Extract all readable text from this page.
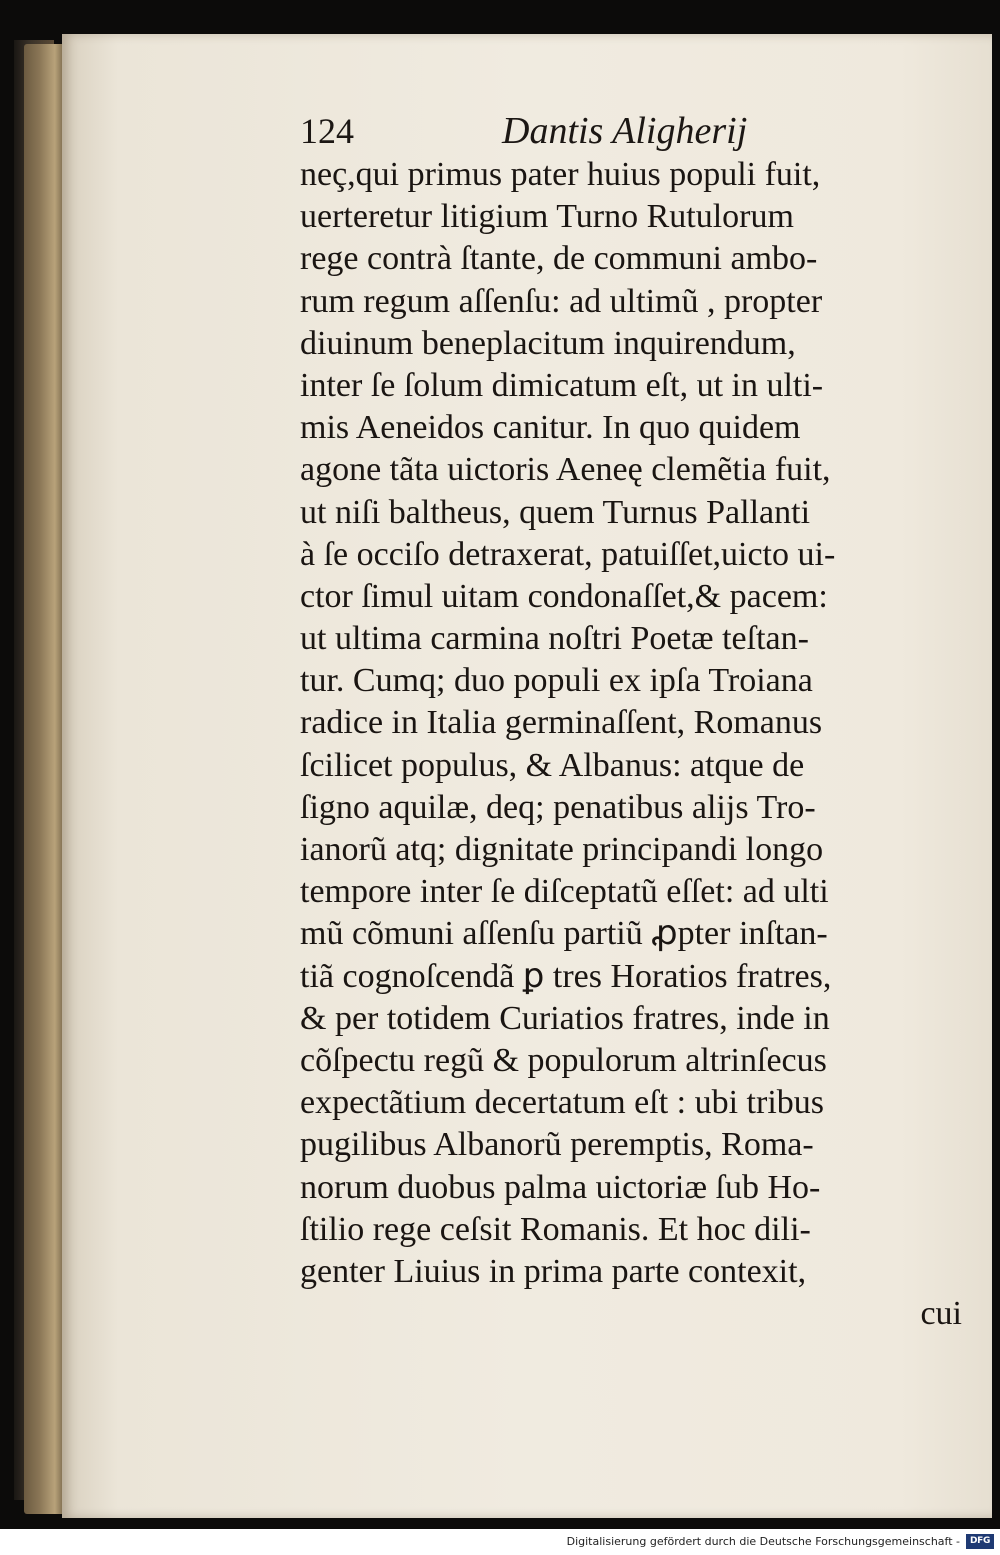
124	Dantis Aligherij
neç,qui primus pater huius populi fuit,
uerteretur litigium Turno Rutulorum
rege contrà ſtante, de communi ambo-
rum regum aſſenſu: ad ultimũ , propter
diuinum beneplacitum inquirendum,
inter ſe ſolum dimicatum eſt, ut in ulti-
mis Aeneidos canitur. In quo quidem
agone tãta uictoris Aeneę clemẽtia fuit,
ut niſi baltheus, quem Turnus Pallanti
à ſe occiſo detraxerat, patuiſſet,uicto ui-
ctor ſimul uitam condonaſſet,& pacem:
ut ultima carmina noſtri Poetæ teſtan-
tur. Cumq; duo populi ex ipſa Troiana
radice in Italia germinaſſent, Romanus
ſcilicet populus, & Albanus: atque de
ſigno aquilæ, deq; penatibus alijs Tro-
ianorũ atq; dignitate principandi longo
tempore inter ſe diſceptatũ eſſet: ad ulti
mũ cõmuni aſſenſu partiũ ꝓpter inſtan-
tiã cognoſcendã ꝑ tres Horatios fratres,
& per totidem Curiatios fratres, inde in
cõſpectu regũ & populorum altrinſecus
expectãtium decertatum eſt : ubi tribus
pugilibus Albanorũ peremptis, Roma-
norum duobus palma uictoriæ ſub Ho-
ſtilio rege ceſsit Romanis. Et hoc dili-
genter Liuius in prima parte contexit,
cui
Digitalisierung gefördert durch die Deutsche Forschungsgemeinschaft -	DFG
